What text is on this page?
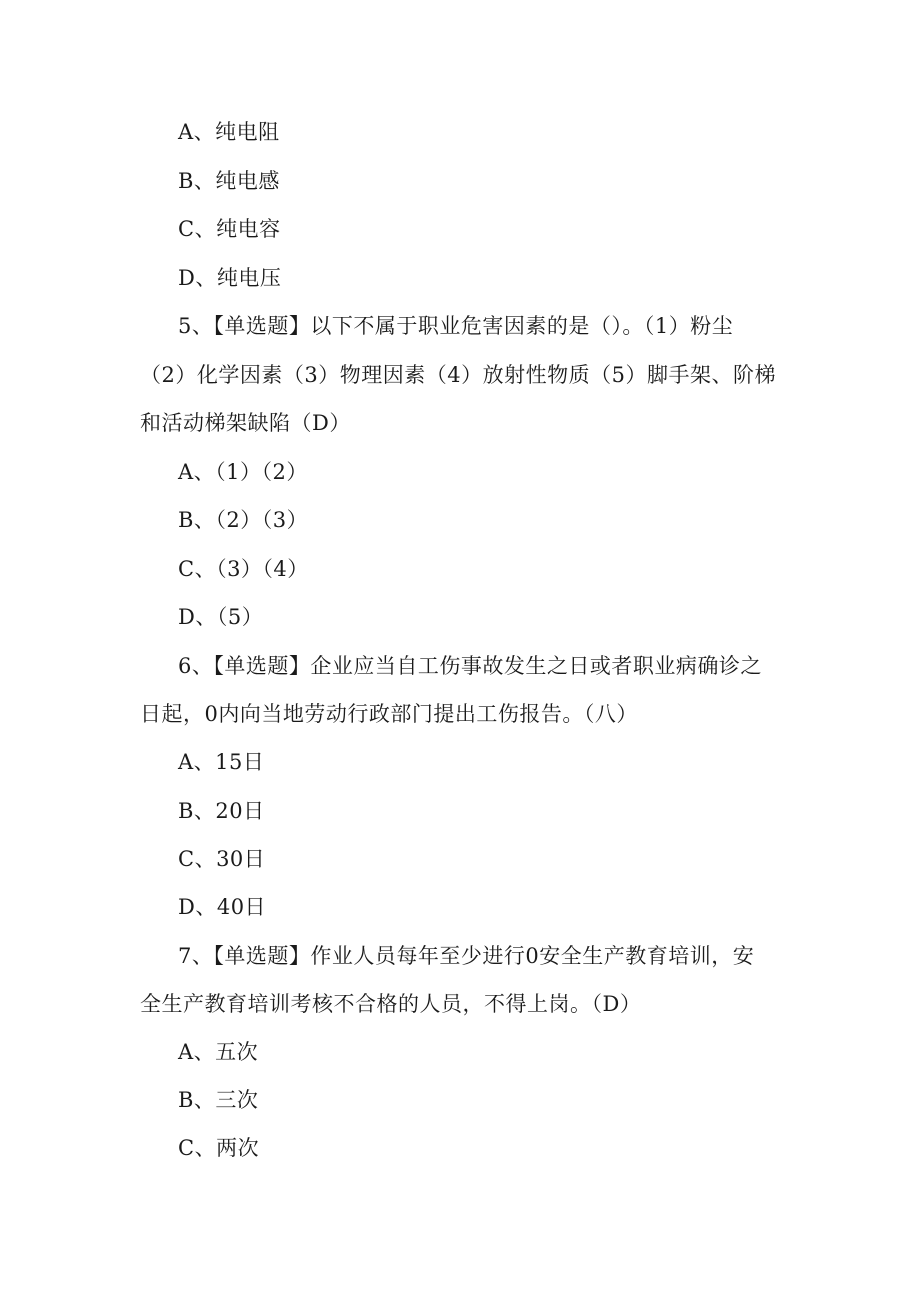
A、纯电阻
B、纯电感
C、纯电容
D、纯电压
5、【单选题】以下不属于职业危害因素的是（）。（1）粉尘
（2）化学因素（3）物理因素（4）放射性物质（5）脚手架、阶梯
和活动梯架缺陷（D）
A、（1）（2）
B、（2）（3）
C、（3）（4）
D、（5）
6、【单选题】企业应当自工伤事故发生之日或者职业病确诊之
日起，0内向当地劳动行政部门提出工伤报告。（八）
A、15日
B、20日
C、30日
D、40日
7、【单选题】作业人员每年至少进行0安全生产教育培训，安
全生产教育培训考核不合格的人员，不得上岗。（D）
A、五次
B、三次
C、两次
